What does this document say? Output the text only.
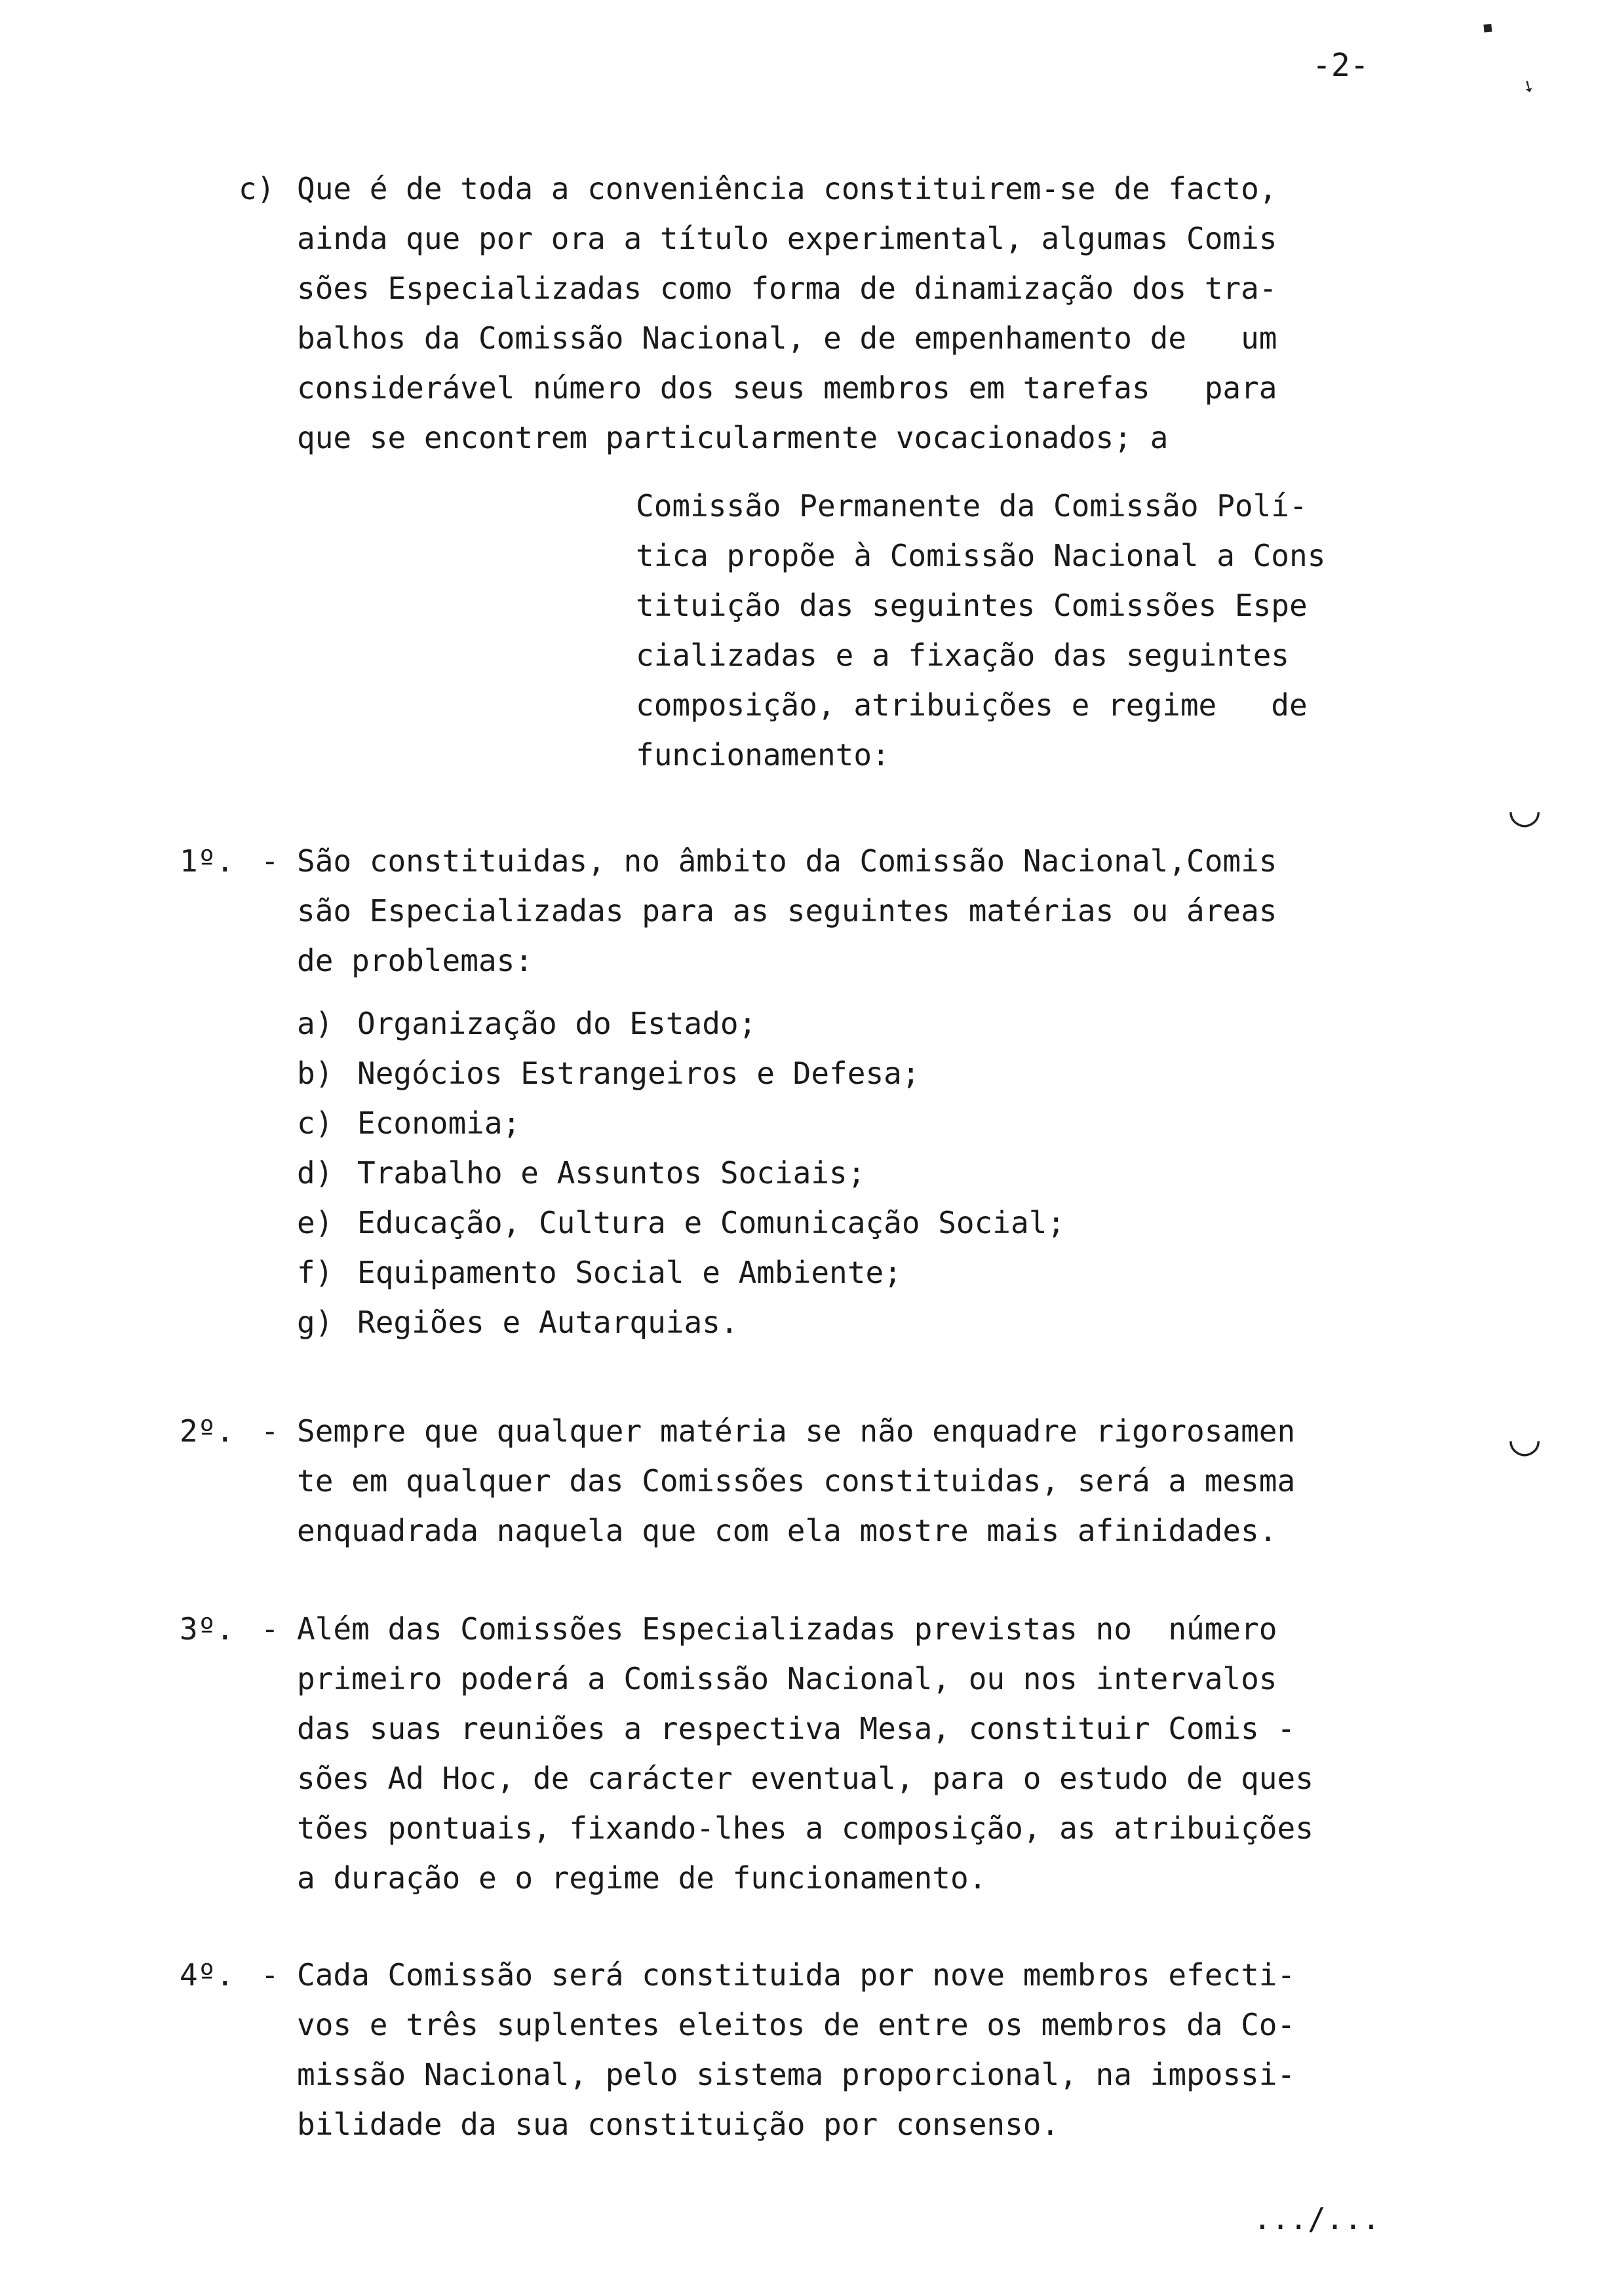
-2-
◆
➘
c) Que é de toda a conveniência constituirem-se de facto,
ainda que por ora a título experimental, algumas Comis
sões Especializadas como forma de dinamização dos tra-
balhos da Comissão Nacional, e de empenhamento de   um
considerável número dos seus membros em tarefas   para
que se encontrem particularmente vocacionados; a
Comissão Permanente da Comissão Polí-
tica propõe à Comissão Nacional a Cons
tituição das seguintes Comissões Espe
cializadas e a fixação das seguintes
composição, atribuições e regime   de
funcionamento:
◡
◡
1º. - São constituidas, no âmbito da Comissão Nacional,Comis
são Especializadas para as seguintes matérias ou áreas
de problemas:
a) Organização do Estado;
b) Negócios Estrangeiros e Defesa;
c) Economia;
d) Trabalho e Assuntos Sociais;
e) Educação, Cultura e Comunicação Social;
f) Equipamento Social e Ambiente;
g) Regiões e Autarquias.
2º. - Sempre que qualquer matéria se não enquadre rigorosamen
te em qualquer das Comissões constituidas, será a mesma
enquadrada naquela que com ela mostre mais afinidades.
3º. - Além das Comissões Especializadas previstas no  número
primeiro poderá a Comissão Nacional, ou nos intervalos
das suas reuniões a respectiva Mesa, constituir Comis -
sões Ad Hoc, de carácter eventual, para o estudo de ques
tões pontuais, fixando-lhes a composição, as atribuições
a duração e o regime de funcionamento.
4º. - Cada Comissão será constituida por nove membros efecti-
vos e três suplentes eleitos de entre os membros da Co-
missão Nacional, pelo sistema proporcional, na impossi-
bilidade da sua constituição por consenso.
.../...
